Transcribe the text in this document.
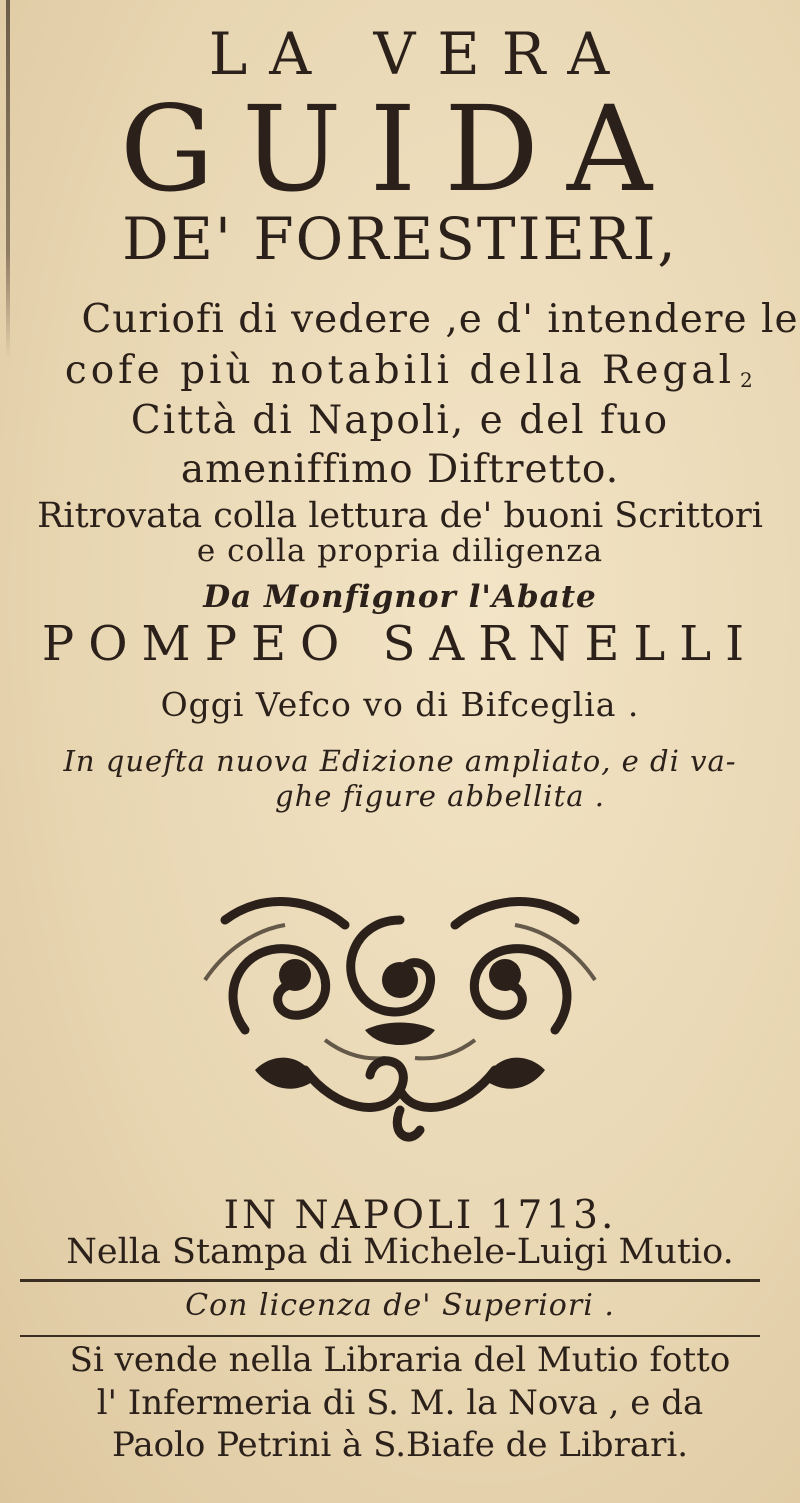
LA VERA
GUIDA
DE' FORESTIERI,
Curiofi di vedere ,e d' intendere le
cofe più notabili della Regal
Città di Napoli, e del fuo
ameniffimo Diftretto.
2
Ritrovata colla lettura de' buoni Scrittori
e colla propria diligenza
Da Monfignor l'Abate
POMPEO SARNELLI
Oggi Vefco vo di Bifceglia .
In quefta nuova Edizione ampliato, e di va-
ghe figure abbellita .
IN NAPOLI 1713.
Nella Stampa di Michele-Luigi Mutio.
Con licenza de' Superiori .
Si vende nella Libraria del Mutio fotto
l' Infermeria di S. M. la Nova , e da
Paolo Petrini à S.Biafe de Librari.
